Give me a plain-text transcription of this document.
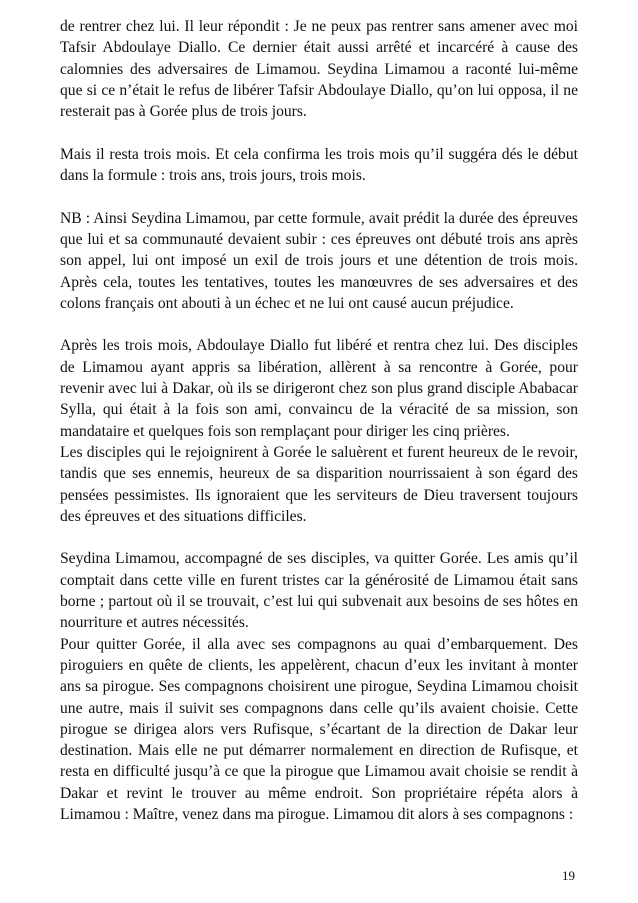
de rentrer chez lui. Il leur répondit : Je ne peux pas rentrer sans amener avec moi Tafsir Abdoulaye Diallo. Ce dernier était aussi arrêté et incarcéré à cause des calomnies des adversaires de Limamou. Seydina Limamou a raconté lui-même que si ce n’était le refus de libérer Tafsir Abdoulaye Diallo, qu’on lui opposa, il ne resterait pas à Gorée plus de trois jours.

Mais il resta trois mois. Et cela confirma les trois mois qu’il suggéra dés le début dans la formule : trois ans, trois jours, trois mois.

NB : Ainsi Seydina Limamou, par cette formule, avait prédit la durée des épreuves que lui et sa communauté devaient subir : ces épreuves ont débuté trois ans après son appel, lui ont imposé un exil de trois jours et une détention de trois mois. Après cela, toutes les tentatives, toutes les manœuvres de ses adversaires et des colons français ont abouti à un échec et ne lui ont causé aucun préjudice.

Après les trois mois, Abdoulaye Diallo fut libéré et rentra chez lui. Des disciples de Limamou ayant appris sa libération, allèrent à sa rencontre à Gorée, pour revenir avec lui à Dakar, où ils se dirigeront chez son plus grand disciple Ababacar Sylla, qui était à la fois son ami, convaincu de la véracité de sa mission, son mandataire et quelques fois son remplaçant pour diriger les cinq prières.

Les disciples qui le rejoignirent à Gorée le saluèrent et furent heureux de le revoir, tandis que ses ennemis, heureux de sa disparition nourrissaient à son égard des pensées pessimistes. Ils ignoraient que les serviteurs de Dieu traversent toujours des épreuves et des situations difficiles.

Seydina Limamou, accompagné de ses disciples, va quitter Gorée. Les amis qu’il comptait dans cette ville en furent tristes car la générosité de Limamou était sans borne ; partout où il se trouvait, c’est lui qui subvenait aux besoins de ses hôtes en nourriture et autres nécessités.

Pour quitter Gorée, il alla avec ses compagnons au quai d’embarquement. Des piroguiers en quête de clients, les appelèrent, chacun d’eux les invitant à monter ans sa pirogue. Ses compagnons choisirent une pirogue, Seydina Limamou choisit une autre, mais il suivit ses compagnons dans celle qu’ils avaient choisie. Cette pirogue se dirigea alors vers Rufisque, s’écartant de la direction de Dakar leur destination. Mais elle ne put démarrer normalement en direction de Rufisque, et resta en difficulté jusqu’à ce que la pirogue que Limamou avait choisie se rendit à Dakar et revint le trouver au même endroit. Son propriétaire répéta alors à Limamou : Maître, venez dans ma pirogue. Limamou dit alors à ses compagnons :

19
